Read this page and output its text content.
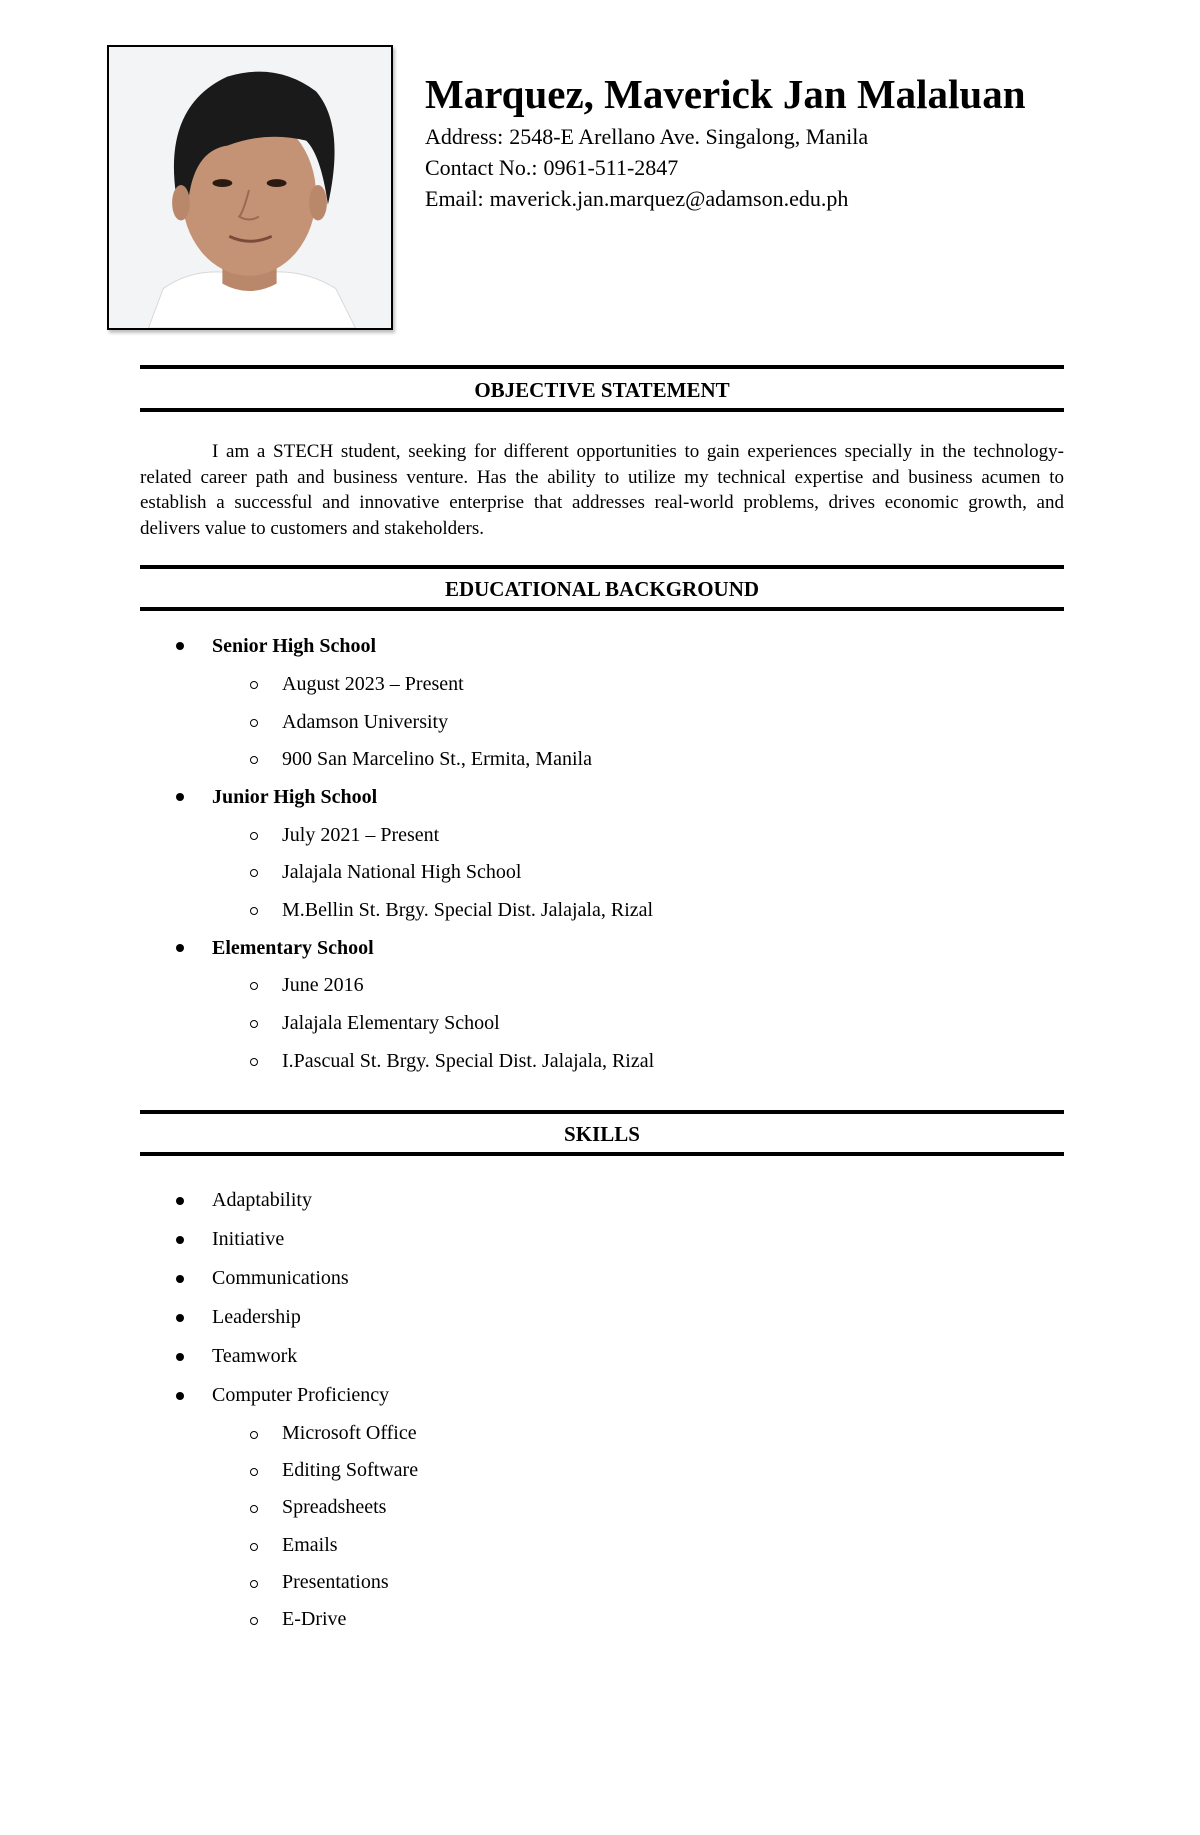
Marquez, Maverick Jan Malaluan
Address: 2548-E Arellano Ave. Singalong, Manila
Contact No.: 0961-511-2847
Email: maverick.jan.marquez@adamson.edu.ph
OBJECTIVE STATEMENT

I am a STECH student, seeking for different opportunities to gain experiences specially in the technology-related career path and business venture. Has the ability to utilize my technical expertise and business acumen to establish a successful and innovative enterprise that addresses real-world problems, drives economic growth, and delivers value to customers and stakeholders.

EDUCATIONAL BACKGROUND
Senior High School
August 2023 – Present
Adamson University
900 San Marcelino St., Ermita, Manila
Junior High School
July 2021 – Present
Jalajala National High School
M.Bellin St. Brgy. Special Dist. Jalajala, Rizal
Elementary School
June 2016
Jalajala Elementary School
I.Pascual St. Brgy. Special Dist. Jalajala, Rizal
SKILLS
Adaptability
Initiative
Communications
Leadership
Teamwork
Computer Proficiency
Microsoft Office
Editing Software
Spreadsheets
Emails
Presentations
E-Drive
